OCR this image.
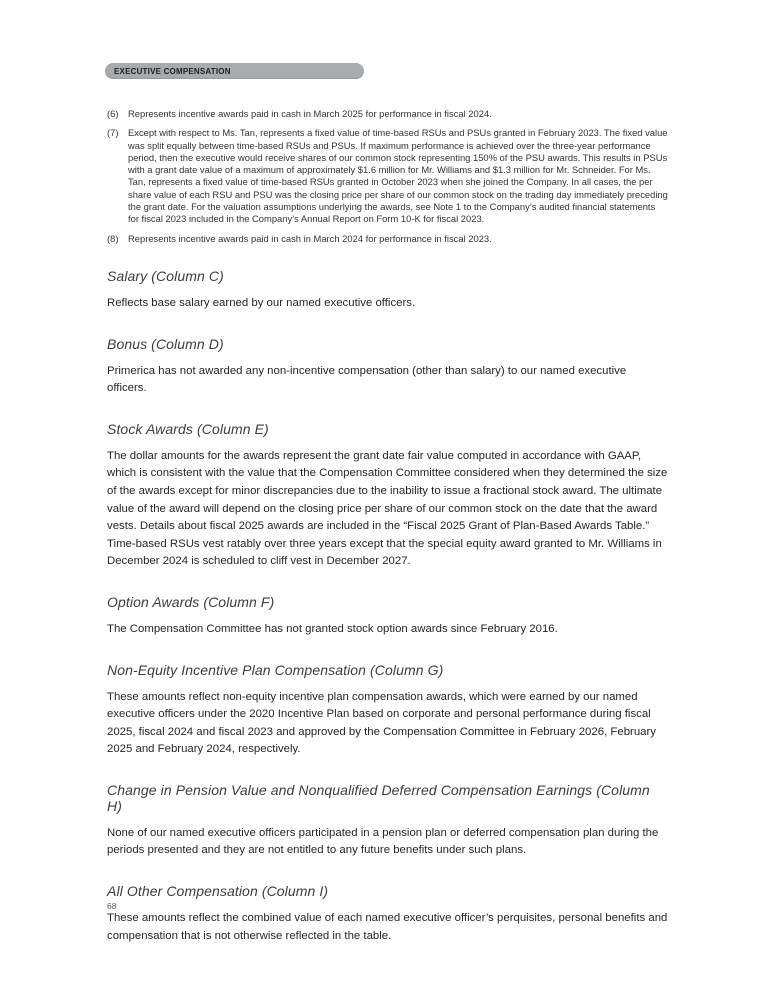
EXECUTIVE COMPENSATION
(6)	Represents incentive awards paid in cash in March 2025 for performance in fiscal 2024.
(7)	Except with respect to Ms. Tan, represents a fixed value of time-based RSUs and PSUs granted in February 2023. The fixed value was split equally between time-based RSUs and PSUs. If maximum performance is achieved over the three-year performance period, then the executive would receive shares of our common stock representing 150% of the PSU awards. This results in PSUs with a grant date value of a maximum of approximately $1.6 million for Mr. Williams and $1.3 million for Mr. Schneider. For Ms. Tan, represents a fixed value of time-based RSUs granted in October 2023 when she joined the Company. In all cases, the per share value of each RSU and PSU was the closing price per share of our common stock on the trading day immediately preceding the grant date. For the valuation assumptions underlying the awards, see Note 1 to the Company’s audited financial statements for fiscal 2023 included in the Company’s Annual Report on Form 10-K for fiscal 2023.
(8)	Represents incentive awards paid in cash in March 2024 for performance in fiscal 2023.
Salary (Column C)

Reflects base salary earned by our named executive officers.

Bonus (Column D)

Primerica has not awarded any non-incentive compensation (other than salary) to our named executive officers.

Stock Awards (Column E)

The dollar amounts for the awards represent the grant date fair value computed in accordance with GAAP, which is consistent with the value that the Compensation Committee considered when they determined the size of the awards except for minor discrepancies due to the inability to issue a fractional stock award. The ultimate value of the award will depend on the closing price per share of our common stock on the date that the award vests. Details about fiscal 2025 awards are included in the “Fiscal 2025 Grant of Plan-Based Awards Table.” Time-based RSUs vest ratably over three years except that the special equity award granted to Mr. Williams in December 2024 is scheduled to cliff vest in December 2027.

Option Awards (Column F)

The Compensation Committee has not granted stock option awards since February 2016.

Non-Equity Incentive Plan Compensation (Column G)

These amounts reflect non-equity incentive plan compensation awards, which were earned by our named executive officers under the 2020 Incentive Plan based on corporate and personal performance during fiscal 2025, fiscal 2024 and fiscal 2023 and approved by the Compensation Committee in February 2026, February 2025 and February 2024, respectively.

Change in Pension Value and Nonqualified Deferred Compensation Earnings (Column H)

None of our named executive officers participated in a pension plan or deferred compensation plan during the periods presented and they are not entitled to any future benefits under such plans.

All Other Compensation (Column I)

These amounts reflect the combined value of each named executive officer’s perquisites, personal benefits and compensation that is not otherwise reflected in the table.

68
